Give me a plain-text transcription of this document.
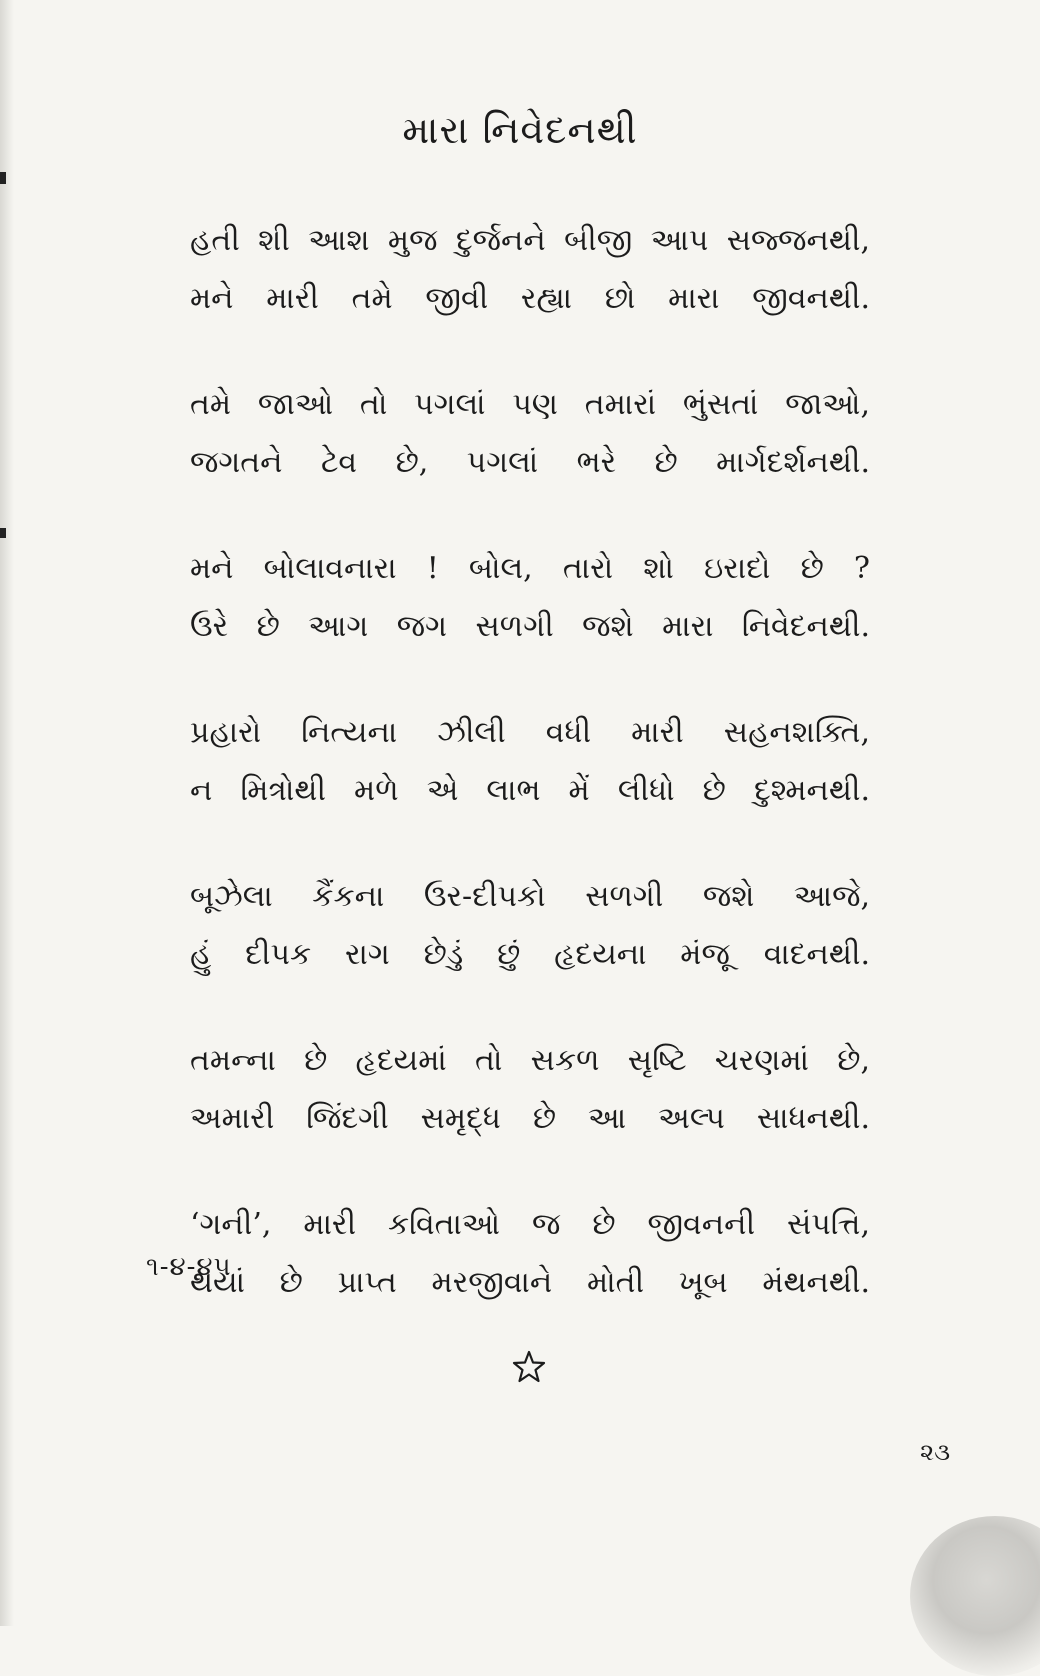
મારા નિવેદનથી
હતી શી આશ મુજ દુર્જનને બીજી આપ સજ્જનથી,
મને મારી તમે જીવી રહ્યા છો મારા જીવનથી.
તમે જાઓ તો પગલાં પણ તમારાં ભુંસતાં જાઓ,
જગતને ટેવ છે, પગલાં ભરે છે માર્ગદર્શનથી.
મને બોલાવનારા ! બોલ, તારો શો ઇરાદો છે ?
ઉરે છે આગ જગ સળગી જશે મારા નિવેદનથી.
પ્રહારો નિત્યના ઝીલી વધી મારી સહનશક્તિ,
ન મિત્રોથી મળે એ લાભ મેં લીધો છે દુશ્મનથી.
બૂઝેલા કૈંકના ઉર-દીપકો સળગી જશે આજે,
હું દીપક રાગ છેડું છું હૃદયના મંજૂ વાદનથી.
તમન્ના છે હૃદયમાં તો સકળ સૃષ્ટિ ચરણમાં છે,
અમારી જિંદગી સમૃદ્ધ છે આ અલ્પ સાધનથી.
‘ગની’, મારી કવિતાઓ જ છે જીવનની સંપત્તિ,
થયાં છે પ્રાપ્ત મરજીવાને મોતી ખૂબ મંથનથી.
૧-૪-૪૫
૨૩
